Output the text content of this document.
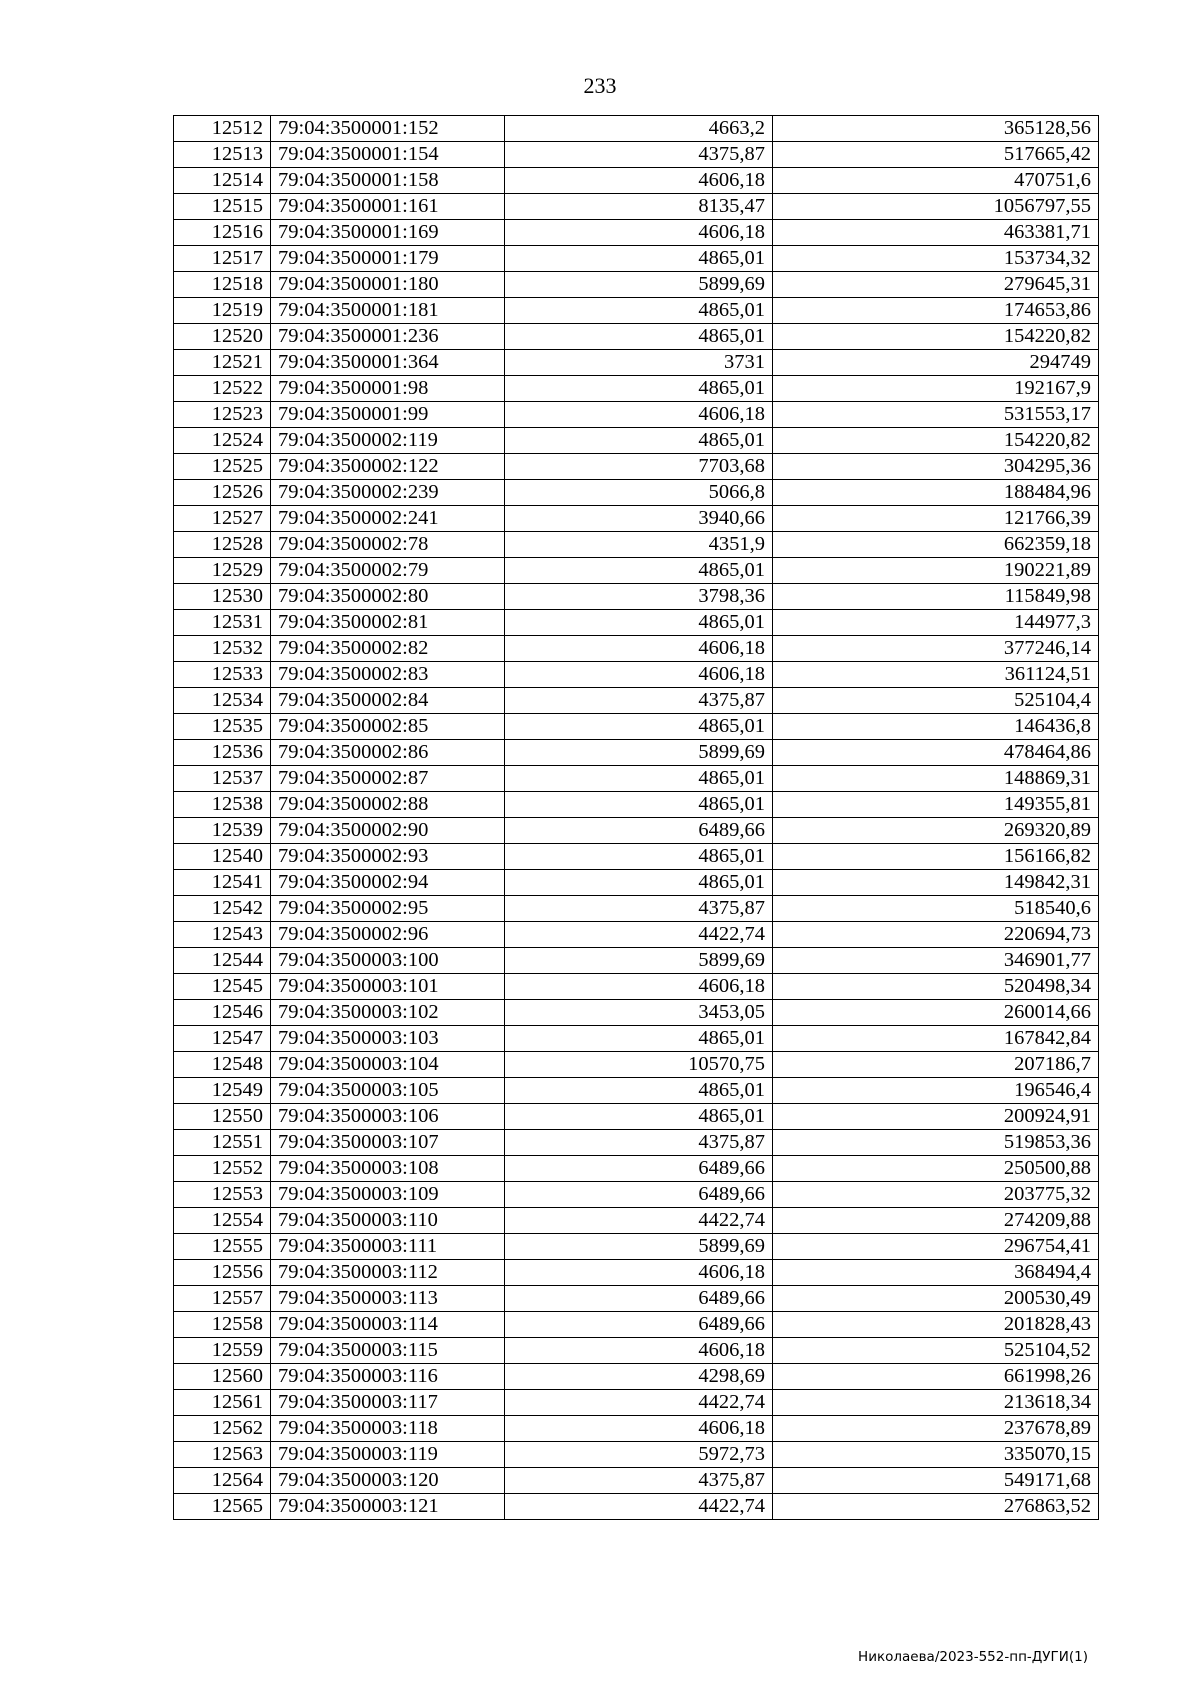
233
12512	79:04:3500001:152	4663,2	365128,56
12513	79:04:3500001:154	4375,87	517665,42
12514	79:04:3500001:158	4606,18	470751,6
12515	79:04:3500001:161	8135,47	1056797,55
12516	79:04:3500001:169	4606,18	463381,71
12517	79:04:3500001:179	4865,01	153734,32
12518	79:04:3500001:180	5899,69	279645,31
12519	79:04:3500001:181	4865,01	174653,86
12520	79:04:3500001:236	4865,01	154220,82
12521	79:04:3500001:364	3731	294749
12522	79:04:3500001:98	4865,01	192167,9
12523	79:04:3500001:99	4606,18	531553,17
12524	79:04:3500002:119	4865,01	154220,82
12525	79:04:3500002:122	7703,68	304295,36
12526	79:04:3500002:239	5066,8	188484,96
12527	79:04:3500002:241	3940,66	121766,39
12528	79:04:3500002:78	4351,9	662359,18
12529	79:04:3500002:79	4865,01	190221,89
12530	79:04:3500002:80	3798,36	115849,98
12531	79:04:3500002:81	4865,01	144977,3
12532	79:04:3500002:82	4606,18	377246,14
12533	79:04:3500002:83	4606,18	361124,51
12534	79:04:3500002:84	4375,87	525104,4
12535	79:04:3500002:85	4865,01	146436,8
12536	79:04:3500002:86	5899,69	478464,86
12537	79:04:3500002:87	4865,01	148869,31
12538	79:04:3500002:88	4865,01	149355,81
12539	79:04:3500002:90	6489,66	269320,89
12540	79:04:3500002:93	4865,01	156166,82
12541	79:04:3500002:94	4865,01	149842,31
12542	79:04:3500002:95	4375,87	518540,6
12543	79:04:3500002:96	4422,74	220694,73
12544	79:04:3500003:100	5899,69	346901,77
12545	79:04:3500003:101	4606,18	520498,34
12546	79:04:3500003:102	3453,05	260014,66
12547	79:04:3500003:103	4865,01	167842,84
12548	79:04:3500003:104	10570,75	207186,7
12549	79:04:3500003:105	4865,01	196546,4
12550	79:04:3500003:106	4865,01	200924,91
12551	79:04:3500003:107	4375,87	519853,36
12552	79:04:3500003:108	6489,66	250500,88
12553	79:04:3500003:109	6489,66	203775,32
12554	79:04:3500003:110	4422,74	274209,88
12555	79:04:3500003:111	5899,69	296754,41
12556	79:04:3500003:112	4606,18	368494,4
12557	79:04:3500003:113	6489,66	200530,49
12558	79:04:3500003:114	6489,66	201828,43
12559	79:04:3500003:115	4606,18	525104,52
12560	79:04:3500003:116	4298,69	661998,26
12561	79:04:3500003:117	4422,74	213618,34
12562	79:04:3500003:118	4606,18	237678,89
12563	79:04:3500003:119	5972,73	335070,15
12564	79:04:3500003:120	4375,87	549171,68
12565	79:04:3500003:121	4422,74	276863,52
Николаева/2023-552-пп-ДУГИ(1)
